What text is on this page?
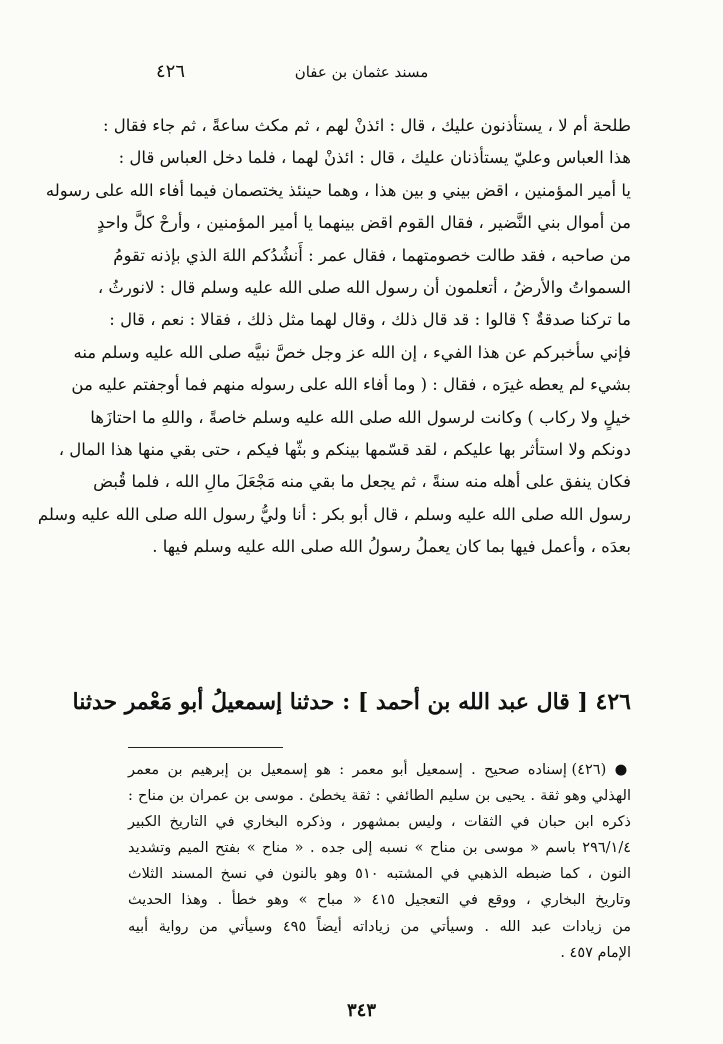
مسند عثمان بن عفان
٤٢٦
طلحة أم لا ، يستأذنون عليك ، قال : ائذنْ لهم ، ثم مكث ساعةً ، ثم جاء فقال :
هذا العباس وعليّ يستأذنان عليك ، قال : ائذنْ لهما ، فلما دخل العباس قال :
يا أمير المؤمنين ، اقض بيني و بين هذا ، وهما حينئذ يختصمان فيما أفاء الله على رسوله
من أموال بني النَّضير ، فقال القوم اقض بينهما يا أمير المؤمنين ، وأرحْ كلَّ واحدٍ
من صاحبه ، فقد طالت خصومتهما ، فقال عمر : أَنشُدُكم اللهَ الذي بإذنه تقومُ
السمواتُ والأرضُ ، أتعلمون أن رسول الله صلى الله عليه وسلم قال : لانورثُ ،
ما تركنا صدقةٌ ؟ قالوا : قد قال ذلك ، وقال لهما مثل ذلك ، فقالا : نعم ، قال :
فإني سأخبركم عن هذا الفيء ، إن الله عز وجل خصَّ نبيَّه صلى الله عليه وسلم منه
بشيء لم يعطه غيرَه ، فقال : ( وما أفاء الله على رسوله منهم فما أوجفتم عليه من
خيلٍ ولا ركاب ) وكانت لرسول الله صلى الله عليه وسلم خاصةً ، واللهِ ما احتازَها
دونكم ولا استأثر بها عليكم ، لقد قسّمها بينكم و بثّها فيكم ، حتى بقي منها هذا المال ،
فكان ينفق على أهله منه سنةً ، ثم يجعل ما بقي منه مَجْعَلَ مالِ الله ، فلما قُبض
رسول الله صلى الله عليه وسلم ، قال أبو بكر : أنا وليُّ رسول الله صلى الله عليه وسلم
بعدَه ، وأعمل فيها بما كان يعملُ رسولُ الله صلى الله عليه وسلم فيها .
٤٢٦ [ قال عبد الله بن أحمد ] : حدثنا إسمعيلُ أبو مَعْمر حدثنا
● (٤٢٦) إسناده صحيح . إسمعيل أبو معمر : هو إسمعيل بن إبرهيم بن معمر
الهذلي وهو ثقة . يحيى بن سليم الطائفي : ثقة يخطئ . موسى بن عمران بن مناح :
ذكره ابن حبان في الثقات ، وليس بمشهور ، وذكره البخاري في التاريخ الكبير
٢٩٦/١/٤ باسم « موسى بن مناح » نسبه إلى جده . « مناح » بفتح الميم وتشديد
النون ، كما ضبطه الذهبي في المشتبه ٥١٠ وهو بالنون في نسخ المسند الثلاث
وتاريخ البخاري ، ووقع في التعجيل ٤١٥ « مباح » وهو خطأ . وهذا الحديث
من زيادات عبد الله . وسيأتي من زياداته أيضاً ٤٩٥ وسيأتي من رواية أبيه
الإمام ٤٥٧ .
٣٤٣
